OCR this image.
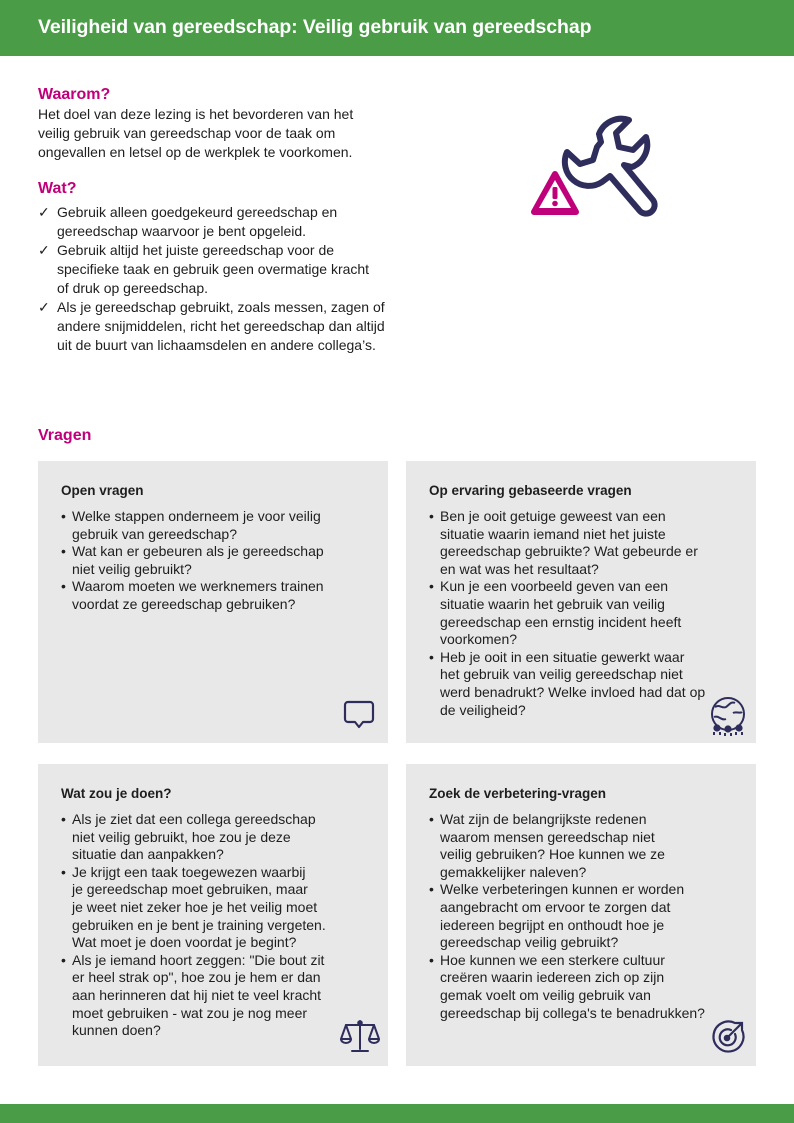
Veiligheid van gereedschap: Veilig gebruik van gereedschap
Waarom?
Het doel van deze lezing is het bevorderen van het
veilig gebruik van gereedschap voor de taak om
ongevallen en letsel op de werkplek te voorkomen.
Wat?
✓ Gebruik alleen goedgekeurd gereedschap en
gereedschap waarvoor je bent opgeleid.
✓ Gebruik altijd het juiste gereedschap voor de
specifieke taak en gebruik geen overmatige kracht
of druk op gereedschap.
✓ Als je gereedschap gebruikt, zoals messen, zagen of
andere snijmiddelen, richt het gereedschap dan altijd
uit de buurt van lichaamsdelen en andere collega’s.
Vragen
Open vragen
• Welke stappen onderneem je voor veilig
gebruik van gereedschap?
• Wat kan er gebeuren als je gereedschap
niet veilig gebruikt?
• Waarom moeten we werknemers trainen
voordat ze gereedschap gebruiken?
Op ervaring gebaseerde vragen
• Ben je ooit getuige geweest van een
situatie waarin iemand niet het juiste
gereedschap gebruikte? Wat gebeurde er
en wat was het resultaat?
• Kun je een voorbeeld geven van een
situatie waarin het gebruik van veilig
gereedschap een ernstig incident heeft
voorkomen?
• Heb je ooit in een situatie gewerkt waar
het gebruik van veilig gereedschap niet
werd benadrukt? Welke invloed had dat op
de veiligheid?
Wat zou je doen?
• Als je ziet dat een collega gereedschap
niet veilig gebruikt, hoe zou je deze
situatie dan aanpakken?
• Je krijgt een taak toegewezen waarbij
je gereedschap moet gebruiken, maar
je weet niet zeker hoe je het veilig moet
gebruiken en je bent je training vergeten.
Wat moet je doen voordat je begint?
• Als je iemand hoort zeggen: "Die bout zit
er heel strak op", hoe zou je hem er dan
aan herinneren dat hij niet te veel kracht
moet gebruiken - wat zou je nog meer
kunnen doen?
Zoek de verbetering-vragen
• Wat zijn de belangrijkste redenen
waarom mensen gereedschap niet
veilig gebruiken? Hoe kunnen we ze
gemakkelijker naleven?
• Welke verbeteringen kunnen er worden
aangebracht om ervoor te zorgen dat
iedereen begrijpt en onthoudt hoe je
gereedschap veilig gebruikt?
• Hoe kunnen we een sterkere cultuur
creëren waarin iedereen zich op zijn
gemak voelt om veilig gebruik van
gereedschap bij collega's te benadrukken?
